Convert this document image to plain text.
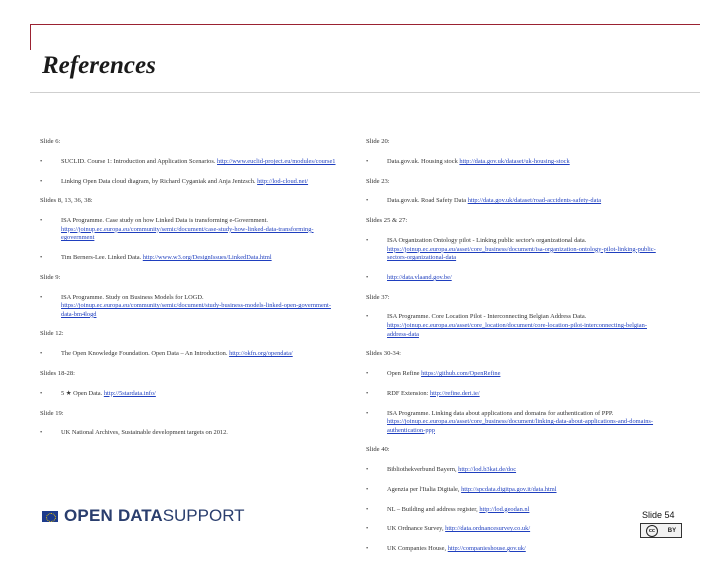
References

Slide 6:

•	SUCLID. Course 1: Introduction and Application Scenarios. http://www.euclid-project.eu/modules/course1
•	Linking Open Data cloud diagram, by Richard Cyganiak and Anja Jentzsch. http://lod-cloud.net/

Slides 8, 13, 36, 38:

•	ISA Programme. Case study on how Linked Data is transforming e-Government. https://joinup.ec.europa.eu/community/semic/document/case-study-how-linked-data-transforming-egovernment
•	Tim Berners-Lee. Linked Data. http://www.w3.org/DesignIssues/LinkedData.html

Slide 9:

•	ISA Programme. Study on Business Models for LOGD. https://joinup.ec.europa.eu/community/semic/document/study-business-models-linked-open-government-data-bm4logd

Slide 12:

•	The Open Knowledge Foundation. Open Data – An Introduction. http://okfn.org/opendata/

Slides 18-28:

•	5 ★ Open Data. http://5stardata.info/

Slide 19:

•	UK National Archives, Sustainable development targets on 2012.

Slide 20:

•	Data.gov.uk. Housing stock http://data.gov.uk/dataset/uk-housing-stock

Slide 23:

•	Data.gov.uk. Road Safety Data http://data.gov.uk/dataset/road-accidents-safety-data

Slides 25 & 27:

•	ISA Organization Ontology pilot - Linking public sector's organizational data. https://joinup.ec.europa.eu/asset/core_business/document/isa-organization-ontology-pilot-linking-public-sectors-organizational-data
•	http://data.vlaand.gov.be/

Slide 37:

•	ISA Programme. Core Location Pilot - Interconnecting Belgian Address Data. https://joinup.ec.europa.eu/asset/core_location/document/core-location-pilot-interconnecting-belgian-address-data

Slides 30-34:

•	Open Refine https://github.com/OpenRefine
•	RDF Extension: http://refine.deri.ie/
•	ISA Programme. Linking data about applications and domains for authentication of PPP. https://joinup.ec.europa.eu/asset/core_business/document/linking-data-about-applications-and-domains-authentication-ppp

Slide 40:

•	Bibliothekverbund Bayern, http://lod.b3kat.de/doc
•	Agenzia per l'Italia Digitale, http://spcdata.digitpa.gov.it/data.html
•	NL – Building and address register, http://lod.geodan.nl
•	UK Ordnance Survey, http://data.ordnancesurvey.co.uk/
•	UK Companies House, http://companieshouse.gov.uk/
OPEN DATA SUPPORT	Slide 54
cc	BY
